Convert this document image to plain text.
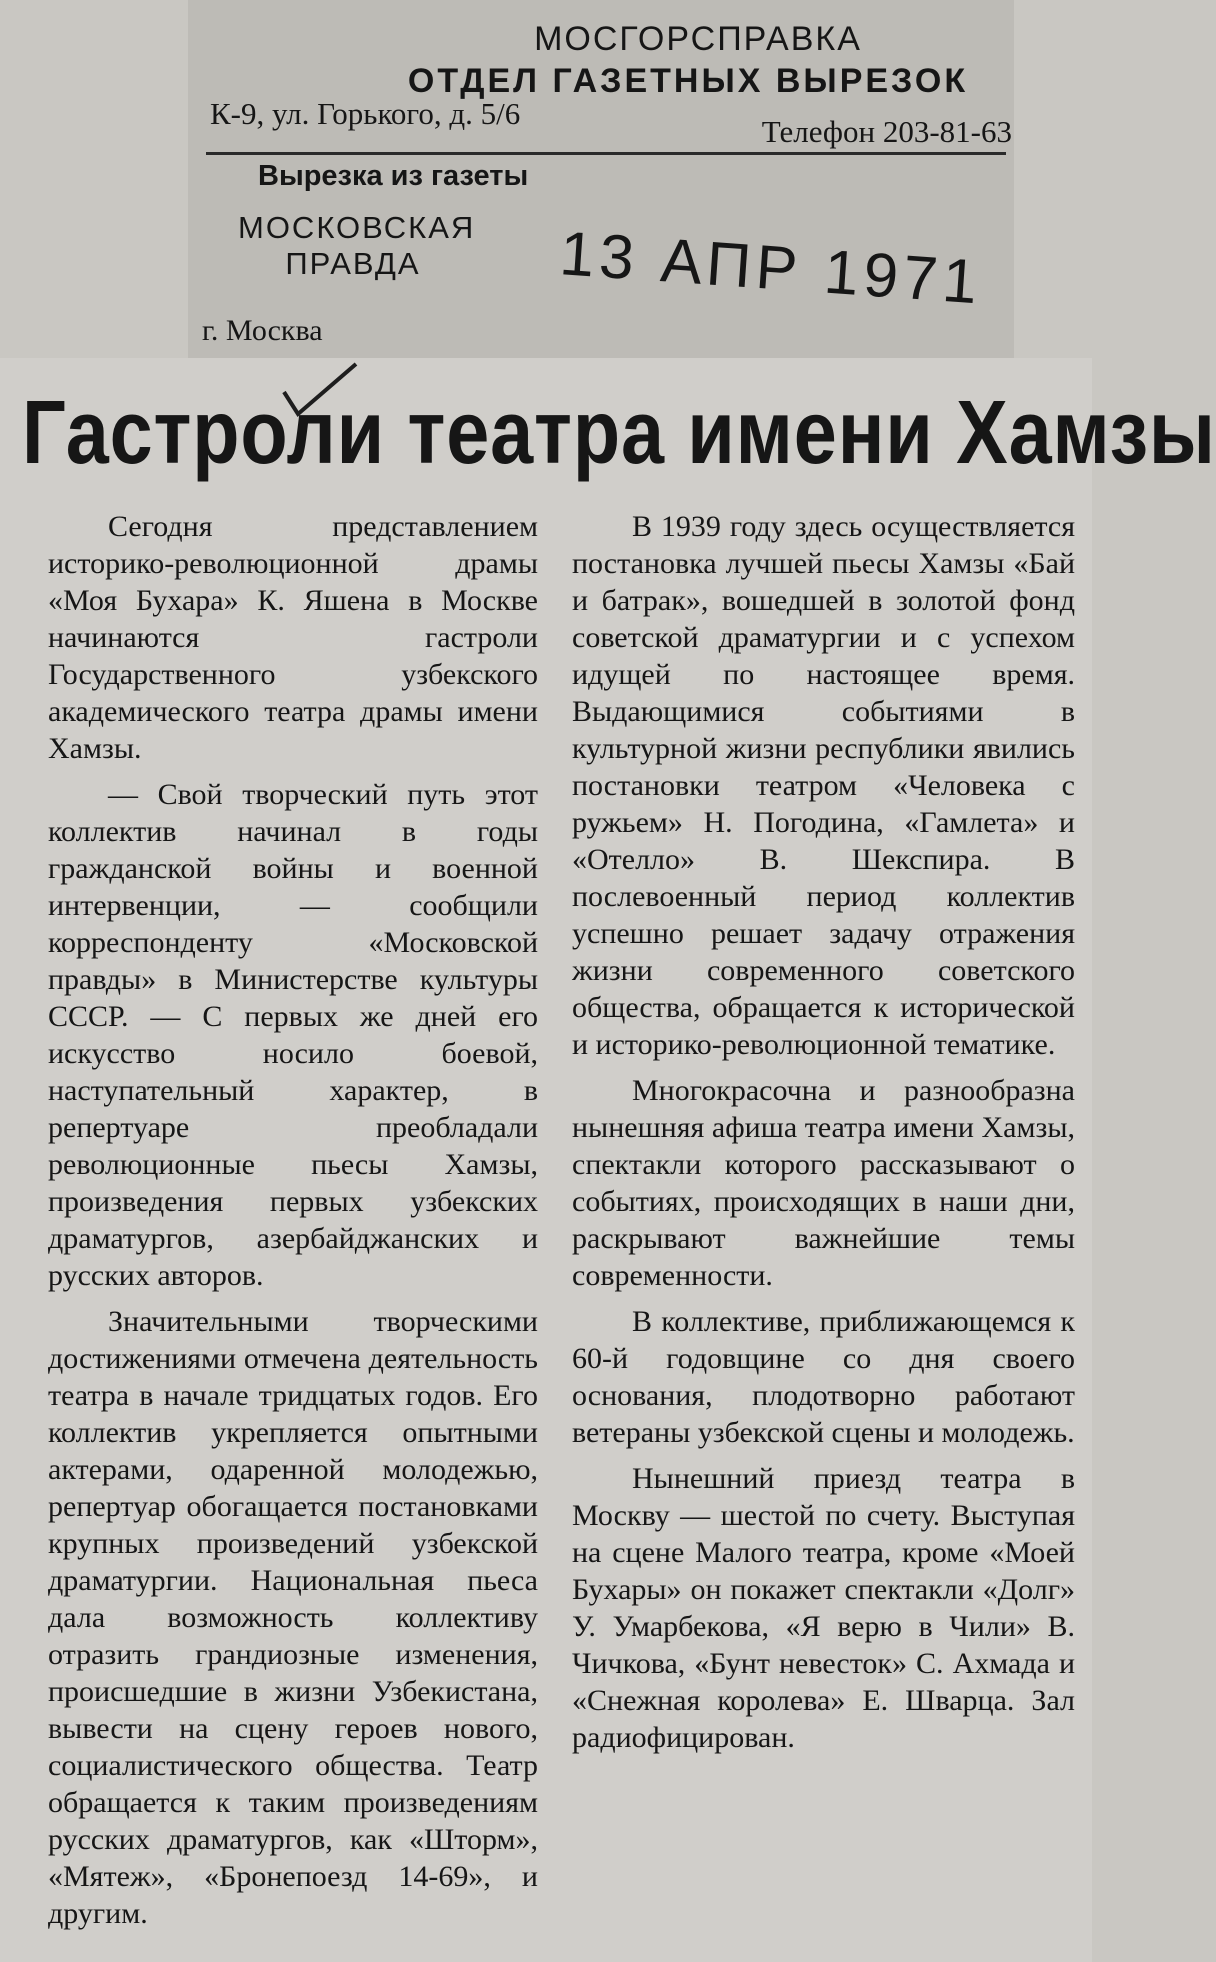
МОСГОРСПРАВКА
ОТДЕЛ ГАЗЕТНЫХ ВЫРЕЗОК
К-9, ул. Горького, д. 5/6
Телефон 203-81-63
Вырезка из газеты
МОСКОВСКАЯ ПРАВДА	13 АПР 1971
г. Москва
Гастроли театра имени Хамзы

Сегодня представлением историко-революционной драмы «Моя Бухара» К. Яшена в Москве начинаются гастроли Государственного узбекского академического театра драмы имени Хамзы.

— Свой творческий путь этот коллектив начинал в годы гражданской войны и военной интервенции, — сообщили корреспонденту «Московской правды» в Министерстве культуры СССР. — С первых же дней его искусство носило боевой, наступательный характер, в репертуаре преобладали революционные пьесы Хамзы, произведения первых узбекских драматургов, азербайджанских и русских авторов.

Значительными творческими достижениями отмечена деятельность театра в начале тридцатых годов. Его коллектив укрепляется опытными актерами, одаренной молодежью, репертуар обогащается постановками крупных произведений узбекской драматургии. Национальная пьеса дала возможность коллективу отразить грандиозные изменения, происшедшие в жизни Узбекистана, вывести на сцену героев нового, социалистического общества. Театр обращается к таким произведениям русских драматургов, как «Шторм», «Мятеж», «Бронепоезд 14-69», и другим.

В 1939 году здесь осуществляется постановка лучшей пьесы Хамзы «Бай и батрак», вошедшей в золотой фонд советской драматургии и с успехом идущей по настоящее время. Выдающимися событиями в культурной жизни республики явились постановки театром «Человека с ружьем» Н. Погодина, «Гамлета» и «Отелло» В. Шекспира. В послевоенный период коллектив успешно решает задачу отражения жизни современного советского общества, обращается к исторической и историко-революционной тематике.

Многокрасочна и разнообразна нынешняя афиша театра имени Хамзы, спектакли которого рассказывают о событиях, происходящих в наши дни, раскрывают важнейшие темы современности.

В коллективе, приближающемся к 60-й годовщине со дня своего основания, плодотворно работают ветераны узбекской сцены и молодежь.

Нынешний приезд театра в Москву — шестой по счету. Выступая на сцене Малого театра, кроме «Моей Бухары» он покажет спектакли «Долг» У. Умарбекова, «Я верю в Чили» В. Чичкова, «Бунт невесток» С. Ахмада и «Снежная королева» Е. Шварца. Зал радиофицирован.
